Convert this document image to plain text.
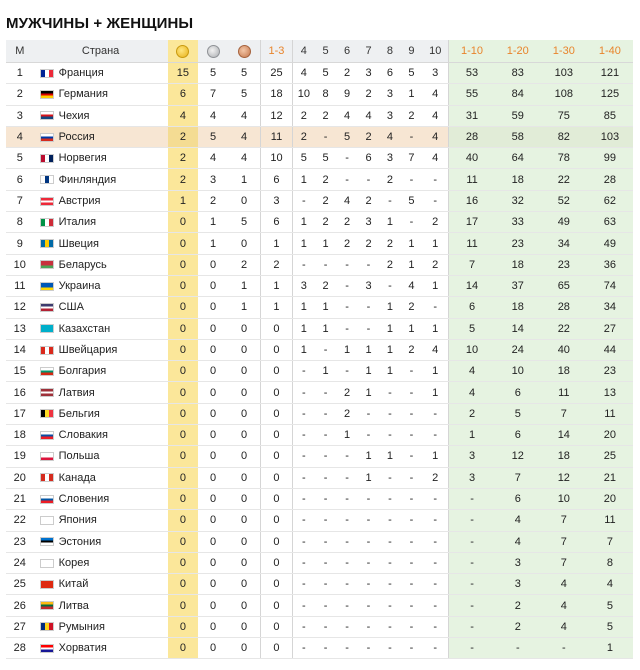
МУЖЧИНЫ + ЖЕНЩИНЫ
М	Страна				1-3	4	5	6	7	8	9	10	1-10	1-20	1-30	1-40
1	Франция	15	5	5	25	4	5	2	3	6	5	3	53	83	103	121
2	Германия	6	7	5	18	10	8	9	2	3	1	4	55	84	108	125
3	Чехия	4	4	4	12	2	2	4	4	3	2	4	31	59	75	85
4	Россия	2	5	4	11	2	-	5	2	4	-	4	28	58	82	103
5	Норвегия	2	4	4	10	5	5	-	6	3	7	4	40	64	78	99
6	Финляндия	2	3	1	6	1	2	-	-	2	-	-	11	18	22	28
7	Австрия	1	2	0	3	-	2	4	2	-	5	-	16	32	52	62
8	Италия	0	1	5	6	1	2	2	3	1	-	2	17	33	49	63
9	Швеция	0	1	0	1	1	1	2	2	2	1	1	11	23	34	49
10	Беларусь	0	0	2	2	-	-	-	-	2	1	2	7	18	23	36
11	Украина	0	0	1	1	3	2	-	3	-	4	1	14	37	65	74
12	США	0	0	1	1	1	1	-	-	1	2	-	6	18	28	34
13	Казахстан	0	0	0	0	1	1	-	-	1	1	1	5	14	22	27
14	Швейцария	0	0	0	0	1	-	1	1	1	2	4	10	24	40	44
15	Болгария	0	0	0	0	-	1	-	1	1	-	1	4	10	18	23
16	Латвия	0	0	0	0	-	-	2	1	-	-	1	4	6	11	13
17	Бельгия	0	0	0	0	-	-	2	-	-	-	-	2	5	7	11
18	Словакия	0	0	0	0	-	-	1	-	-	-	-	1	6	14	20
19	Польша	0	0	0	0	-	-	-	1	1	-	1	3	12	18	25
20	Канада	0	0	0	0	-	-	-	1	-	-	2	3	7	12	21
21	Словения	0	0	0	0	-	-	-	-	-	-	-	-	6	10	20
22	Япония	0	0	0	0	-	-	-	-	-	-	-	-	4	7	11
23	Эстония	0	0	0	0	-	-	-	-	-	-	-	-	4	7	7
24	Корея	0	0	0	0	-	-	-	-	-	-	-	-	3	7	8
25	Китай	0	0	0	0	-	-	-	-	-	-	-	-	3	4	4
26	Литва	0	0	0	0	-	-	-	-	-	-	-	-	2	4	5
27	Румыния	0	0	0	0	-	-	-	-	-	-	-	-	2	4	5
28	Хорватия	0	0	0	0	-	-	-	-	-	-	-	-	-	-	1
